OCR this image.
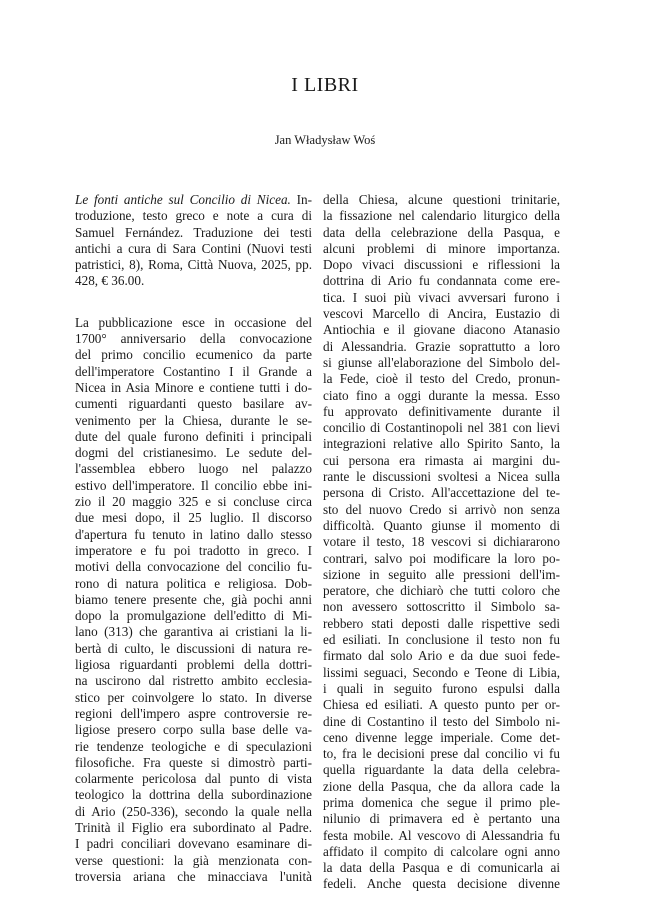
I LIBRI
Jan Władysław Woś
Le fonti antiche sul Concilio di Nicea. In-
troduzione, testo greco e note a cura di
Samuel Fernández. Traduzione dei testi
antichi a cura di Sara Contini (Nuovi testi
patristici, 8), Roma, Città Nuova, 2025, pp.
428, € 36.00.
La pubblicazione esce in occasione del
1700° anniversario della convocazione
del primo concilio ecumenico da parte
dell'imperatore Costantino I il Grande a
Nicea in Asia Minore e contiene tutti i do-
cumenti riguardanti questo basilare av-
venimento per la Chiesa, durante le se-
dute del quale furono definiti i principali
dogmi del cristianesimo. Le sedute del-
l'assemblea ebbero luogo nel palazzo
estivo dell'imperatore. Il concilio ebbe ini-
zio il 20 maggio 325 e si concluse circa
due mesi dopo, il 25 luglio. Il discorso
d'apertura fu tenuto in latino dallo stesso
imperatore e fu poi tradotto in greco. I
motivi della convocazione del concilio fu-
rono di natura politica e religiosa. Dob-
biamo tenere presente che, già pochi anni
dopo la promulgazione dell'editto di Mi-
lano (313) che garantiva ai cristiani la li-
bertà di culto, le discussioni di natura re-
ligiosa riguardanti problemi della dottri-
na uscirono dal ristretto ambito ecclesia-
stico per coinvolgere lo stato. In diverse
regioni dell'impero aspre controversie re-
ligiose presero corpo sulla base delle va-
rie tendenze teologiche e di speculazioni
filosofiche. Fra queste si dimostrò parti-
colarmente pericolosa dal punto di vista
teologico la dottrina della subordinazione
di Ario (250-336), secondo la quale nella
Trinità il Figlio era subordinato al Padre.
I padri conciliari dovevano esaminare di-
verse questioni: la già menzionata con-
troversia ariana che minacciava l'unità
della Chiesa, alcune questioni trinitarie,
la fissazione nel calendario liturgico della
data della celebrazione della Pasqua, e
alcuni problemi di minore importanza.
Dopo vivaci discussioni e riflessioni la
dottrina di Ario fu condannata come ere-
tica. I suoi più vivaci avversari furono i
vescovi Marcello di Ancira, Eustazio di
Antiochia e il giovane diacono Atanasio
di Alessandria. Grazie soprattutto a loro
si giunse all'elaborazione del Simbolo del-
la Fede, cioè il testo del Credo, pronun-
ciato fino a oggi durante la messa. Esso
fu approvato definitivamente durante il
concilio di Costantinopoli nel 381 con lievi
integrazioni relative allo Spirito Santo, la
cui persona era rimasta ai margini du-
rante le discussioni svoltesi a Nicea sulla
persona di Cristo. All'accettazione del te-
sto del nuovo Credo si arrivò non senza
difficoltà. Quanto giunse il momento di
votare il testo, 18 vescovi si dichiararono
contrari, salvo poi modificare la loro po-
sizione in seguito alle pressioni dell'im-
peratore, che dichiarò che tutti coloro che
non avessero sottoscritto il Simbolo sa-
rebbero stati deposti dalle rispettive sedi
ed esiliati. In conclusione il testo non fu
firmato dal solo Ario e da due suoi fede-
lissimi seguaci, Secondo e Teone di Libia,
i quali in seguito furono espulsi dalla
Chiesa ed esiliati. A questo punto per or-
dine di Costantino il testo del Simbolo ni-
ceno divenne legge imperiale. Come det-
to, fra le decisioni prese dal concilio vi fu
quella riguardante la data della celebra-
zione della Pasqua, che da allora cade la
prima domenica che segue il primo ple-
nilunio di primavera ed è pertanto una
festa mobile. Al vescovo di Alessandria fu
affidato il compito di calcolare ogni anno
la data della Pasqua e di comunicarla ai
fedeli. Anche questa decisione divenne
